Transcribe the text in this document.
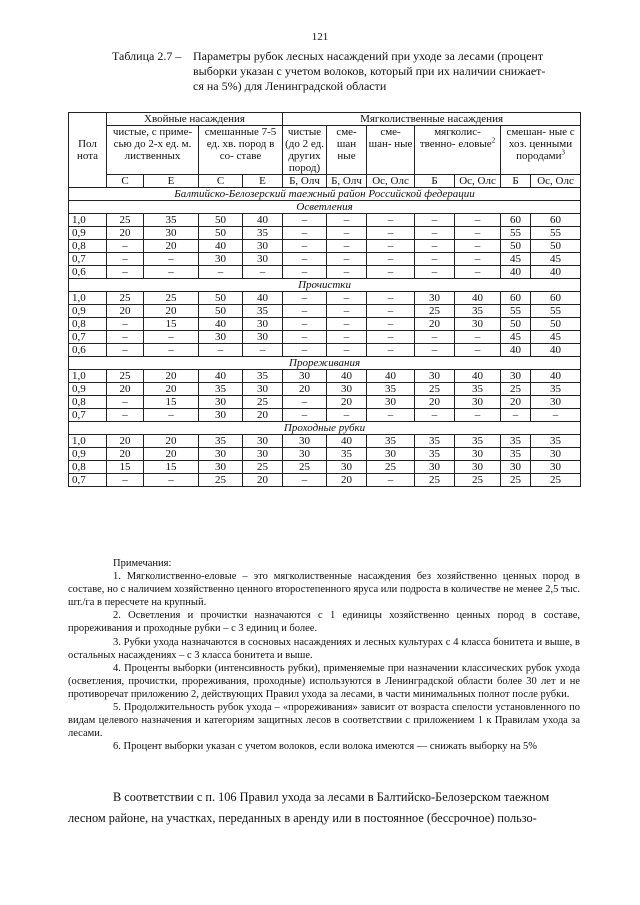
121
Таблица 2.7 – Параметры рубок лесных насаждений при уходе за лесами (процент
выборки указан с учетом волоков, который при их наличии снижает-
ся на 5%) для Ленинградской области
Пол нота	Хвойные насаждения				Мягколиственные насаждения						
	чистые, с приме- сью до 2-х ед. м. лиственных		смешанные 7-5 ед. хв. пород в со- ставе		чистые (до 2 ед. других пород)	сме- шан ные	сме- шан- ные	мягколис- твенно- еловые$^2$		смешан- ные с хоз. ценными породами$^3$
	С	Е	С	Е	Б, Олч	Б, Олч	Ос, Олс	Б	Ос, Олс	Б	Ос, Олс
Балтийско-Белозерский таежный район Российской федерации											
Осветления											
1,0	25	35	50	40	–	–	–	–	–	60	60
0,9	20	30	50	35	–	–	–	–	–	55	55
0,8	–	20	40	30	–	–	–	–	–	50	50
0,7	–	–	30	30	–	–	–	–	–	45	45
0,6	–	–	–	–	–	–	–	–	–	40	40
Прочистки											
1,0	25	25	50	40	–	–	–	30	40	60	60
0,9	20	20	50	35	–	–	–	25	35	55	55
0,8	–	15	40	30	–	–	–	20	30	50	50
0,7	–	–	30	30	–	–	–	–	–	45	45
0,6	–	–	–	–	–	–	–	–	–	40	40
Прореживания											
1,0	25	20	40	35	30	40	40	30	40	30	40
0,9	20	20	35	30	20	30	35	25	35	25	35
0,8	–	15	30	25	–	20	30	20	30	20	30
0,7	–	–	30	20	–	–	–	–	–	–	–
Проходные рубки											
1,0	20	20	35	30	30	40	35	35	35	35	35
0,9	20	20	30	30	30	35	30	35	30	35	30
0,8	15	15	30	25	25	30	25	30	30	30	30
0,7	–	–	25	20	–	20	–	25	25	25	25
Примечания:

1. Мягколиственно-еловые – это мягколиственные насаждения без хозяйственно ценных пород в составе, но с наличием хозяйственно ценного второстепенного яруса или подроста в количестве не менее 2,5 тыс. шт./га в пересчете на крупный.

2. Осветления и прочистки назначаются с 1 единицы хозяйственно ценных пород в составе, прореживания и проходные рубки – с 3 единиц и более.

3. Рубки ухода назначаются в сосновых насаждениях и лесных культурах с 4 класса бонитета и выше, в остальных насаждениях – с 3 класса бонитета и выше.

4. Проценты выборки (интенсивность рубки), применяемые при назначении классических рубок ухода (осветления, прочистки, прореживания, проходные) используются в Ленинградской области более 30 лет и не противоречат приложению 2, действующих Правил ухода за лесами, в части минимальных полнот после рубки.

5. Продолжительность рубок ухода – «прореживания» зависит от возраста спелости установленного по видам целевого назначения и категориям защитных лесов в соответствии с приложением 1 к Правилам ухода за лесами.

6. Процент выборки указан с учетом волоков, если волока имеются — снижать выборку на 5%

В соответствии с п. 106 Правил ухода за лесами в Балтийско-Белозерском таежном

лесном районе, на участках, переданных в аренду или в постоянное (бессрочное) пользо-
